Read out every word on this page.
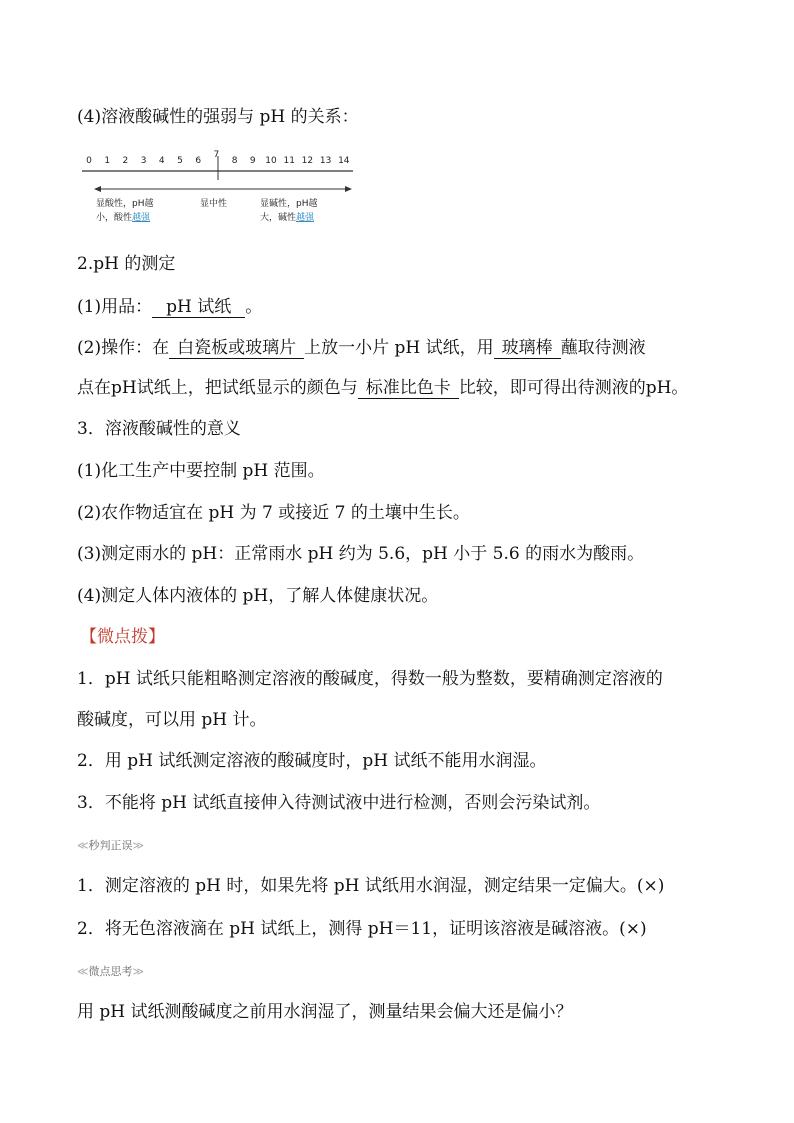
(4)溶液酸碱性的强弱与 pH 的关系：
0 1 2 3 4 5 6
7
8 9 10 11 12 13 14
显酸性，pH越
小，酸性越强
显中性	显碱性，pH越
大，碱性越强
2.pH 的测定
(1)用品： pH 试纸 。
(2)操作：在 白瓷板或玻璃片 上放一小片 pH 试纸，用 玻璃棒 蘸取待测液
点在pH试纸上，把试纸显示的颜色与 标准比色卡 比较，即可得出待测液的pH。
3．溶液酸碱性的意义
(1)化工生产中要控制 pH 范围。
(2)农作物适宜在 pH 为 7 或接近 7 的土壤中生长。
(3)测定雨水的 pH：正常雨水 pH 约为 5.6，pH 小于 5.6 的雨水为酸雨。
(4)测定人体内液体的 pH，了解人体健康状况。
【微点拨】
1．pH 试纸只能粗略测定溶液的酸碱度，得数一般为整数，要精确测定溶液的
酸碱度，可以用 pH 计。
2．用 pH 试纸测定溶液的酸碱度时，pH 试纸不能用水润湿。
3．不能将 pH 试纸直接伸入待测试液中进行检测，否则会污染试剂。
≪秒判正误≫
1．测定溶液的 pH 时，如果先将 pH 试纸用水润湿，测定结果一定偏大。(×)
2．将无色溶液滴在 pH 试纸上，测得 pH＝11，证明该溶液是碱溶液。(×)
≪微点思考≫
用 pH 试纸测酸碱度之前用水润湿了，测量结果会偏大还是偏小？
